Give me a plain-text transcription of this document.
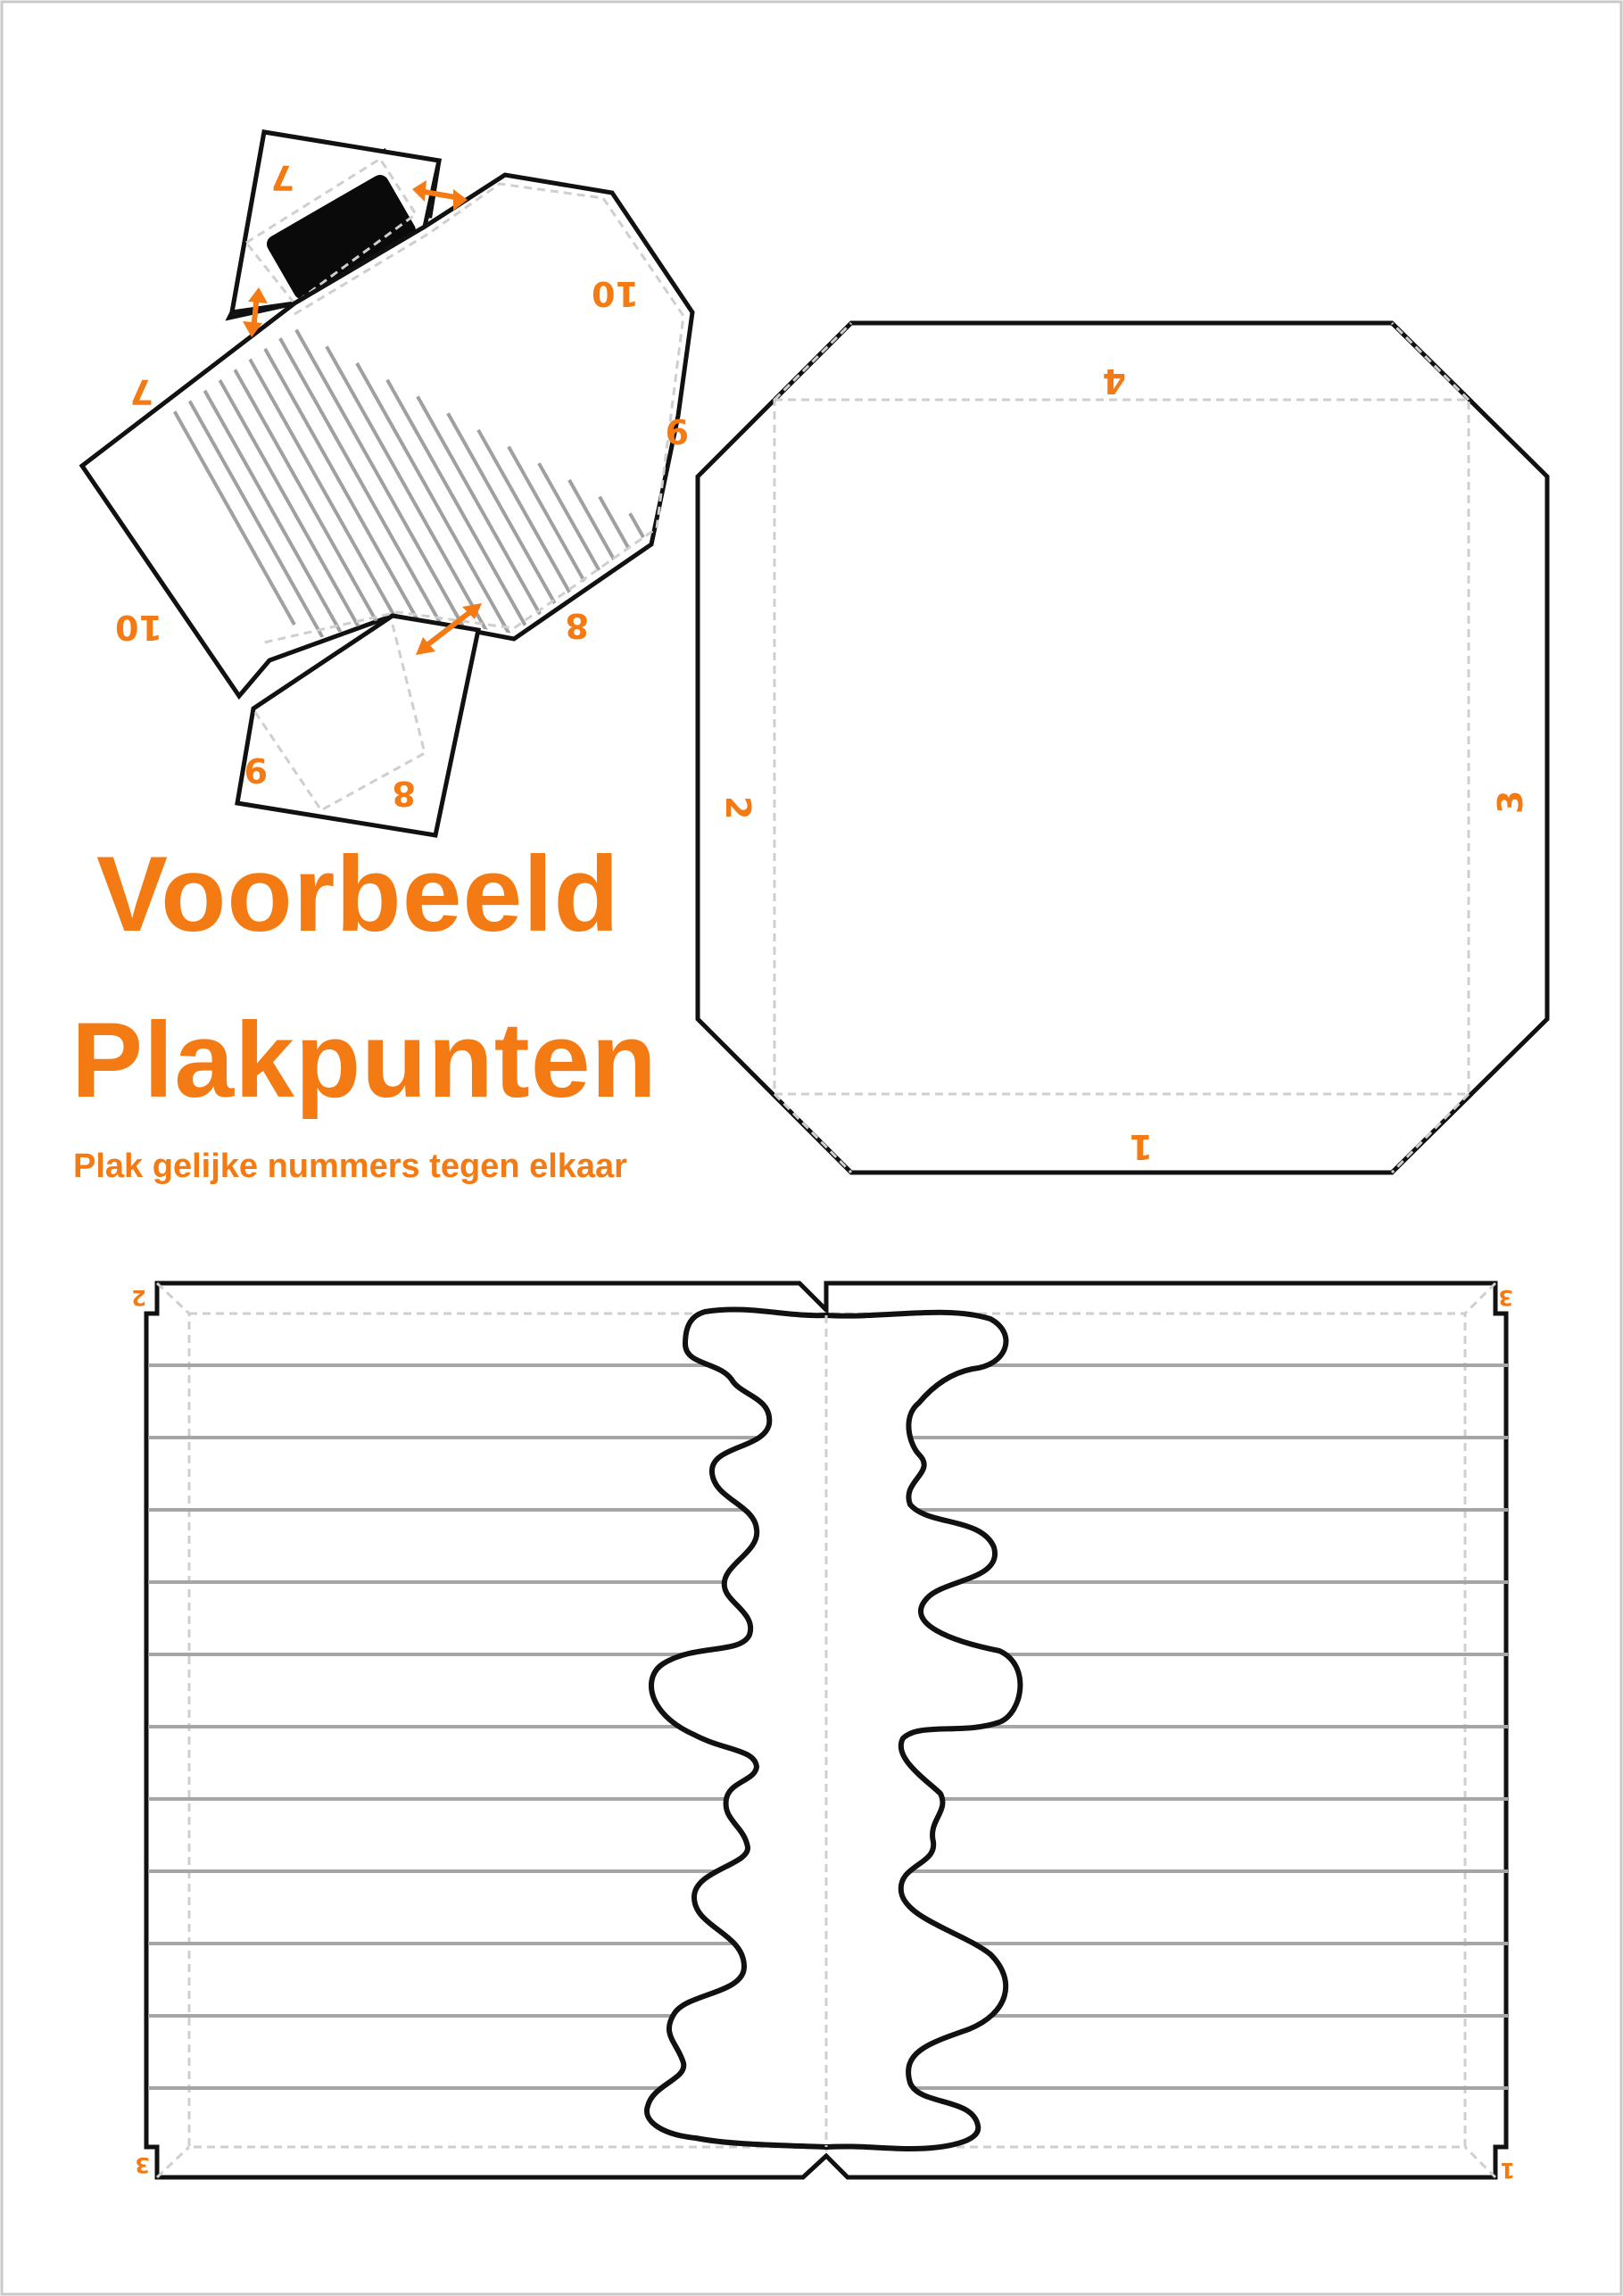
7
10
9
7
10
9
8
8
4
2	3
1
2	3
3	1
Voorbeeld
Plakpunten
Plak gelijke nummers tegen elkaar
